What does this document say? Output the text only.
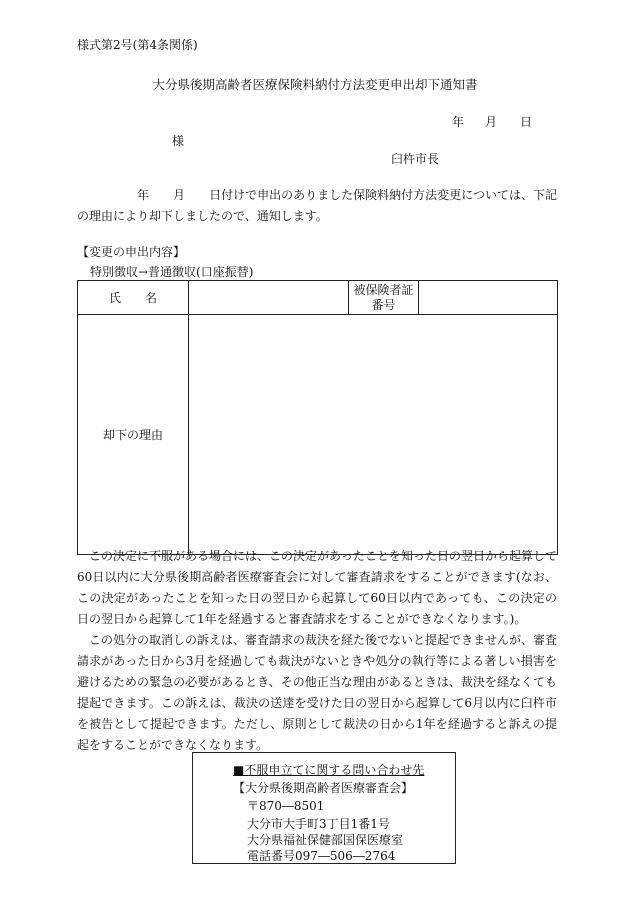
様式第2号(第4条関係)
大分県後期高齢者医療保険料納付方法変更申出却下通知書
年 月 日
様
臼杵市長
　　　　　年　　月　　日付けで申出のありました保険料納付方法変更については、下記の理由により却下しましたので、通知します。
【変更の申出内容】
特別徴収→普通徴収(口座振替)
氏　　名		被保険者証
番号	

却下の理由			
　この決定に不服がある場合には、この決定があったことを知った日の翌日から起算して60日以内に大分県後期高齢者医療審査会に対して審査請求をすることができます(なお、この決定があったことを知った日の翌日から起算して60日以内であっても、この決定の日の翌日から起算して1年を経過すると審査請求をすることができなくなります。)。
　この処分の取消しの訴えは、審査請求の裁決を経た後でないと提起できませんが、審査請求があった日から3月を経過しても裁決がないときや処分の執行等による著しい損害を避けるための緊急の必要があるとき、その他正当な理由があるときは、裁決を経なくても提起できます。この訴えは、裁決の送達を受けた日の翌日から起算して6月以内に臼杵市を被告として提起できます。ただし、原則として裁決の日から1年を経過すると訴えの提起をすることができなくなります。
■不服申立てに関する問い合わせ先
【大分県後期高齢者医療審査会】
〒870―8501
大分市大手町3丁目1番1号
大分県福祉保健部国保医療室
電話番号097―506―2764
